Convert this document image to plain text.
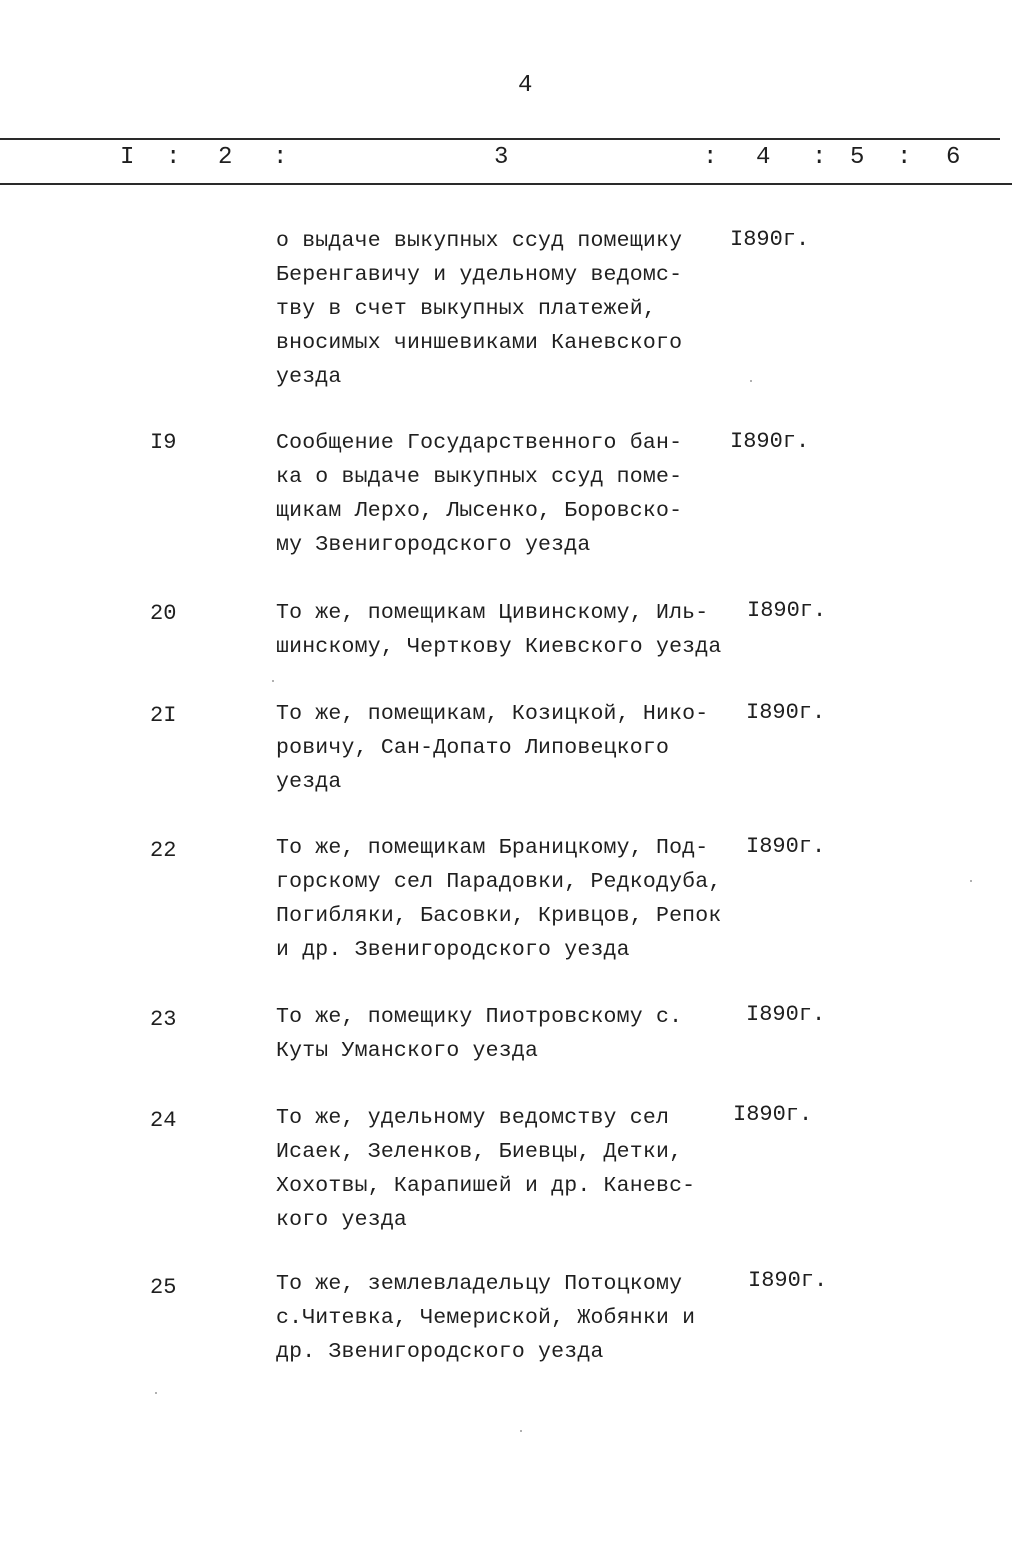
4
I : 2 :	3	: 4 : 5 : 6
о выдаче выкупных ссуд помещику
Беренгавичу и удельному ведомс-
тву в счет выкупных платежей,
вносимых чиншевиками Каневского
уезда
I890г.
I9	Сообщение Государственного бан-
ка о выдаче выкупных ссуд поме-
щикам Лерхо, Лысенко, Боровско-
му Звенигородского уезда
I890г.
20	То же, помещикам Цивинскому, Иль-
шинскому, Черткову Киевского уезда
I890г.
2I	То же, помещикам, Козицкой, Нико-
ровичу, Сан-Допато Липовецкого
уезда
I890г.
22	То же, помещикам Браницкому, Под-
горскому сел Парадовки, Редкодуба,
Погибляки, Басовки, Кривцов, Репок
и др. Звенигородского уезда
I890г.
23	То же, помещику Пиотровскому с.
Куты Уманского уезда
I890г.
24	То же, удельному ведомству сел
Исаек, Зеленков, Биевцы, Детки,
Хохотвы, Карапишей и др. Каневс-
кого уезда
I890г.
25	То же, землевладельцу Потоцкому
с.Читевка, Чемериской, Жобянки и
др. Звенигородского уезда
I890г.
